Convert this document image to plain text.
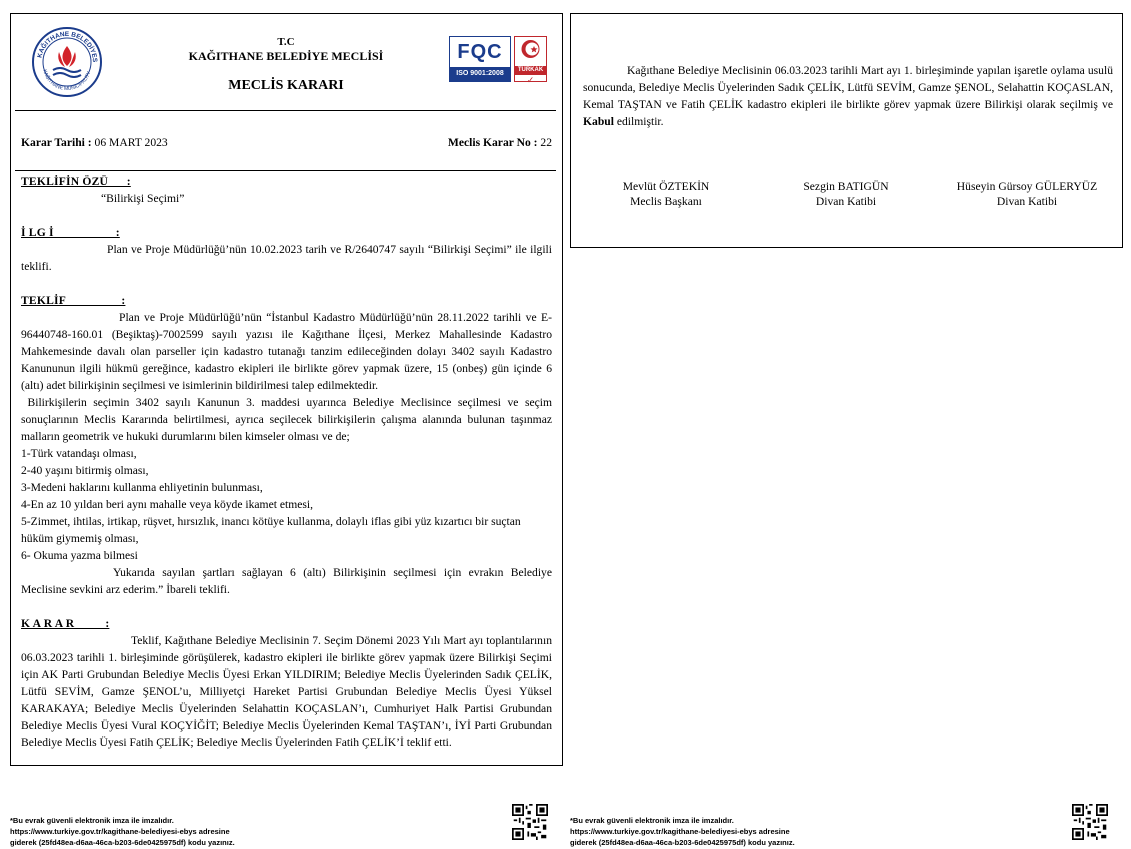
KAĞITHANE BELEDİYES
KAĞITHANE MUNICIPALITY
T.C
KAĞITHANE BELEDİYE MECLİSİ
MECLİS KARARI
FQC
ISO 9001:2008	TÜRKAK
✓
Karar Tarihi : 06 MART 2023	Meclis Karar No : 22
TEKLİFİN ÖZÜ      :
“Bilirkişi Seçimi”
İ LG İ                    :
Plan ve Proje Müdürlüğü’nün 10.02.2023 tarih ve R/2640747 sayılı “Bilirkişi Seçimi” ile ilgili teklifi.
TEKLİF                  :
Plan ve Proje Müdürlüğü’nün “İstanbul Kadastro Müdürlüğü’nün 28.11.2022 tarihli ve E-96440748-160.01 (Beşiktaş)-7002599 sayılı yazısı ile Kağıthane İlçesi, Merkez Mahallesinde Kadastro Mahkemesinde davalı olan parseller için kadastro tutanağı tanzim edileceğinden dolayı 3402 sayılı Kadastro Kanununun ilgili hükmü gereğince, kadastro ekipleri ile birlikte görev yapmak üzere, 15 (onbeş) gün içinde 6 (altı) adet bilirkişinin seçilmesi ve isimlerinin bildirilmesi talep edilmektedir.
Bilirkişilerin seçimin 3402 sayılı Kanunun 3. maddesi uyarınca Belediye Meclisince seçilmesi ve seçim sonuçlarının Meclis Kararında belirtilmesi, ayrıca seçilecek bilirkişilerin çalışma alanında bulunan taşınmaz malların geometrik ve hukuki durumlarını bilen kimseler olması ve de;
1-Türk vatandaşı olması,
2-40 yaşını bitirmiş olması,
3-Medeni haklarını kullanma ehliyetinin bulunması,
4-En az 10 yıldan beri aynı mahalle veya köyde ikamet etmesi,
5-Zimmet, ihtilas, irtikap, rüşvet, hırsızlık, inancı kötüye kullanma, dolaylı iflas gibi yüz kızartıcı bir suçtan hüküm giymemiş olması,
6- Okuma yazma bilmesi
Yukarıda sayılan şartları sağlayan 6 (altı) Bilirkişinin seçilmesi için evrakın Belediye Meclisine sevkini arz ederim.” İbareli teklifi.
K A R A R          :
Teklif, Kağıthane Belediye Meclisinin 7. Seçim Dönemi 2023 Yılı Mart ayı toplantılarının 06.03.2023 tarihli 1. birleşiminde görüşülerek, kadastro ekipleri ile birlikte görev yapmak üzere Bilirkişi Seçimi için AK Parti Grubundan Belediye Meclis Üyesi Erkan YILDIRIM; Belediye Meclis Üyelerinden Sadık ÇELİK, Lütfü SEVİM, Gamze ŞENOL’u, Milliyetçi Hareket Partisi Grubundan Belediye Meclis Üyesi Yüksel KARAKAYA; Belediye Meclis Üyelerinden Selahattin KOÇASLAN’ı, Cumhuriyet Halk Partisi Grubundan Belediye Meclis Üyesi Vural KOÇYİĞİT; Belediye Meclis Üyelerinden Kemal TAŞTAN’ı, İYİ Parti Grubundan Belediye Meclis Üyesi Fatih ÇELİK; Belediye Meclis Üyelerinden Fatih ÇELİK’İ teklif etti.
Kağıthane Belediye Meclisinin 06.03.2023 tarihli Mart ayı 1. birleşiminde yapılan işaretle oylama usulü sonucunda, Belediye Meclis Üyelerinden Sadık ÇELİK, Lütfü SEVİM, Gamze ŞENOL, Selahattin KOÇASLAN, Kemal TAŞTAN ve Fatih ÇELİK kadastro ekipleri ile birlikte görev yapmak üzere Bilirkişi olarak seçilmiş ve Kabul edilmiştir.
Mevlüt ÖZTEKİN
Meclis Başkanı
Sezgin BATIGÜN
Divan Katibi
Hüseyin Gürsoy GÜLERYÜZ
Divan Katibi
*Bu evrak güvenli elektronik imza ile imzalıdır.
https://www.turkiye.gov.tr/kagithane-belediyesi-ebys adresine
giderek (25fd48ea-d6aa-46ca-b203-6de0425975df) kodu yazınız.
*Bu evrak güvenli elektronik imza ile imzalıdır.
https://www.turkiye.gov.tr/kagithane-belediyesi-ebys adresine
giderek (25fd48ea-d6aa-46ca-b203-6de0425975df) kodu yazınız.
